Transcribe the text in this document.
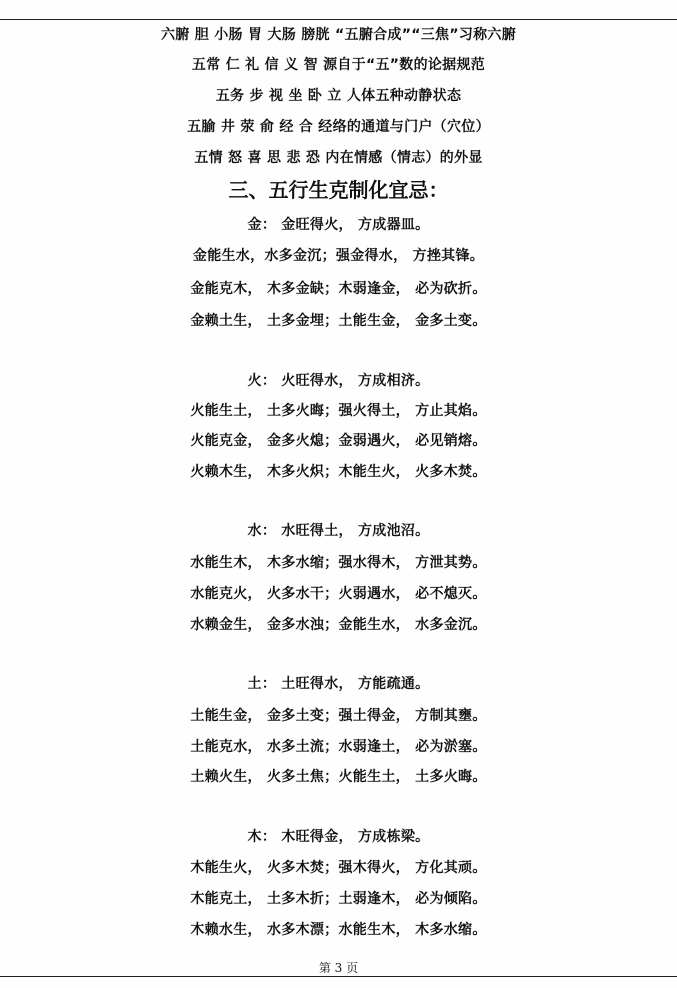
六腑 胆 小肠 胃 大肠 膀胱 “五腑合成”“三焦”习称六腑
五常 仁 礼 信 义 智 源自于“五”数的论据规范
五务 步 视 坐 卧 立 人体五种动静状态
五腧 井 荥 俞 经 合 经络的通道与门户（穴位）
五情 怒 喜 思 悲 恐 内在情感（情志）的外显
三、五行生克制化宜忌：
金： 金旺得火， 方成器皿。
金能生水，水多金沉；强金得水， 方挫其锋。
金能克木， 木多金缺；木弱逢金， 必为砍折。
金赖土生， 土多金埋；土能生金， 金多土变。
火： 火旺得水， 方成相济。
火能生土， 土多火晦；强火得土， 方止其焰。
火能克金， 金多火熄；金弱遇火， 必见销熔。
火赖木生， 木多火炽；木能生火， 火多木焚。
水： 水旺得土， 方成池沼。
水能生木， 木多水缩；强水得木， 方泄其势。
水能克火， 火多水干；火弱遇水， 必不熄灭。
水赖金生， 金多水浊；金能生水， 水多金沉。
土： 土旺得水， 方能疏通。
土能生金， 金多土变；强土得金， 方制其壅。
土能克水， 水多土流；水弱逢土， 必为淤塞。
土赖火生， 火多土焦；火能生土， 土多火晦。
木： 木旺得金， 方成栋梁。
木能生火， 火多木焚；强木得火， 方化其顽。
木能克土， 土多木折；土弱逢木， 必为倾陷。
木赖水生， 水多木漂；水能生木， 木多水缩。
第 3 页
